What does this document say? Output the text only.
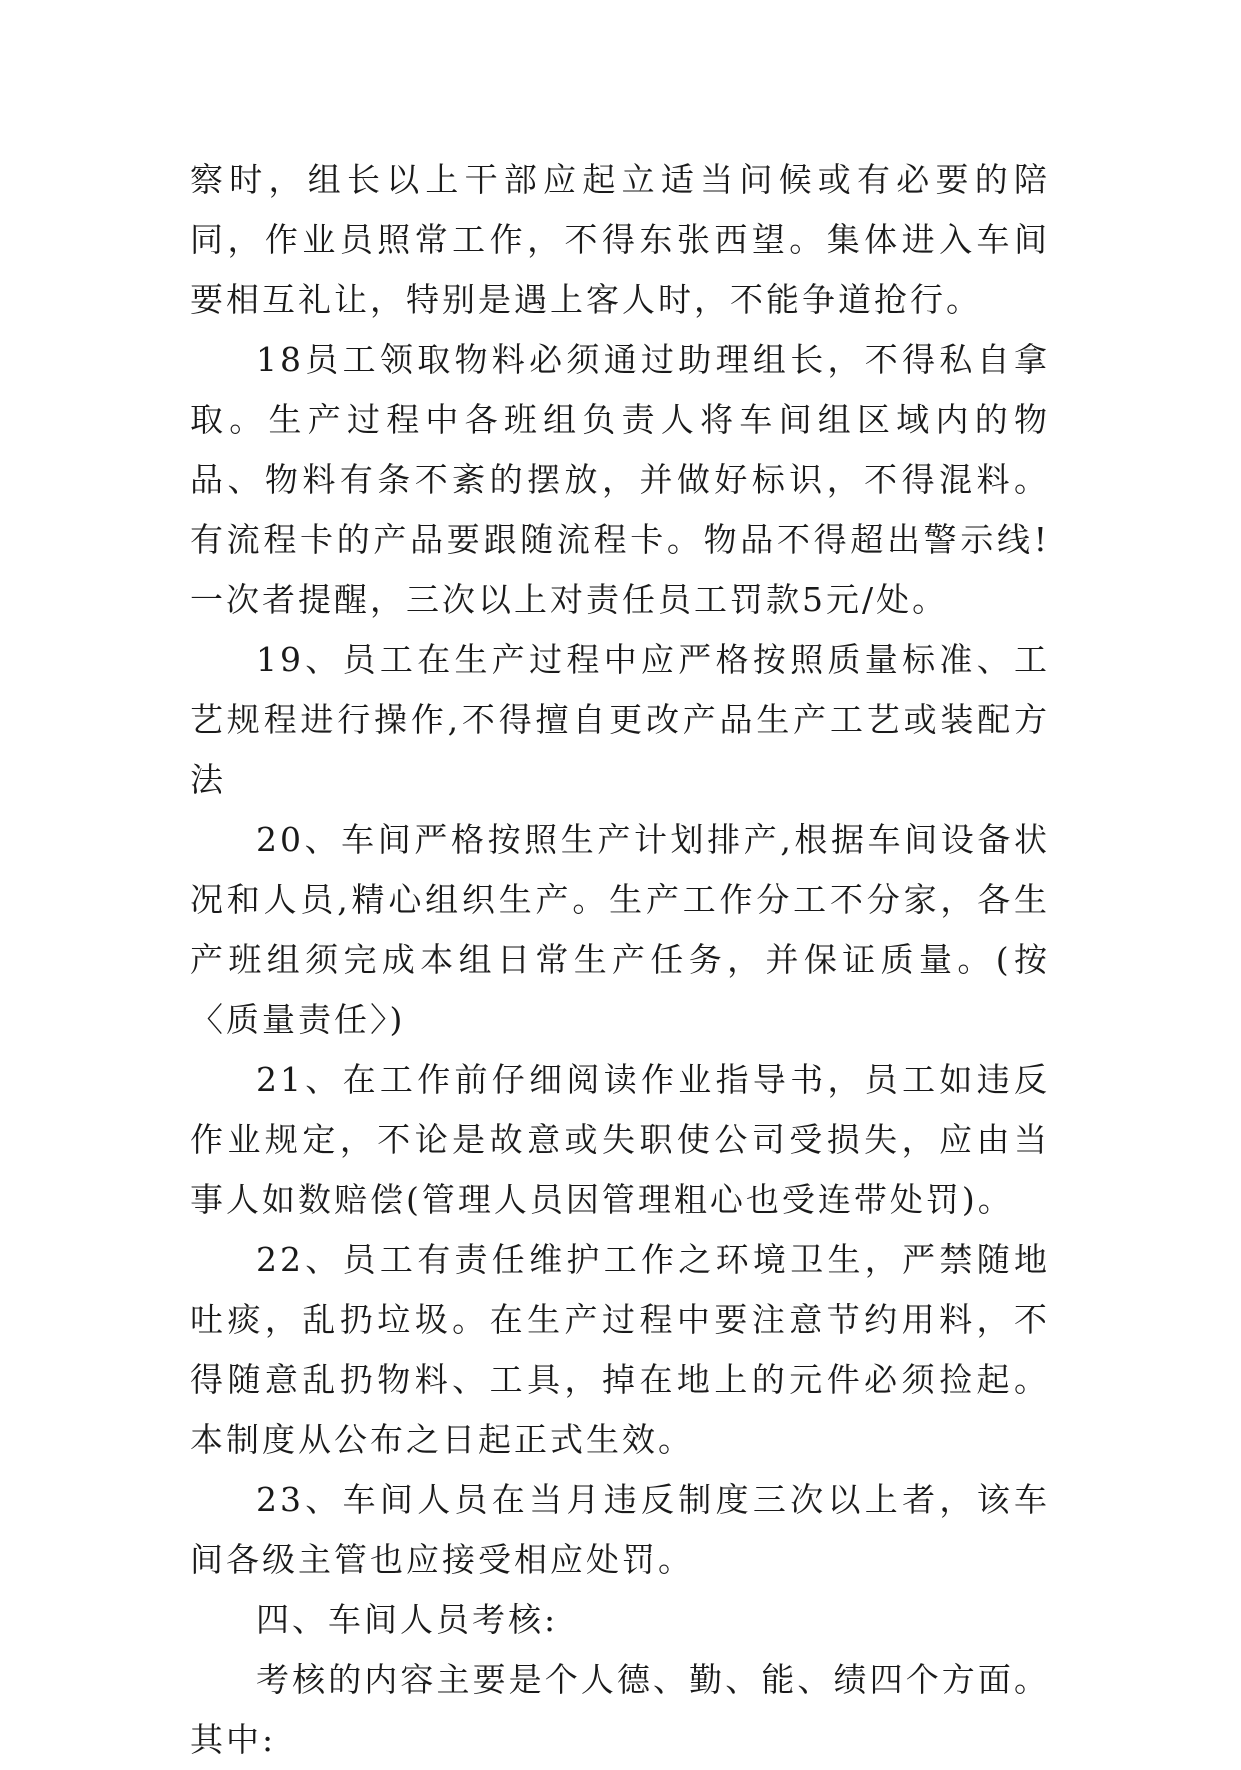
察时，组长以上干部应起立适当问候或有必要的陪同，作业员照常工作，不得东张西望。集体进入车间要相互礼让，特别是遇上客人时，不能争道抢行。

18员工领取物料必须通过助理组长，不得私自拿取。生产过程中各班组负责人将车间组区域内的物品、物料有条不紊的摆放，并做好标识，不得混料。有流程卡的产品要跟随流程卡。物品不得超出警示线!一次者提醒，三次以上对责任员工罚款5元/处。

19、员工在生产过程中应严格按照质量标准、工艺规程进行操作,不得擅自更改产品生产工艺或装配方法

20、车间严格按照生产计划排产,根据车间设备状况和人员,精心组织生产。生产工作分工不分家，各生产班组须完成本组日常生产任务，并保证质量。(按〈质量责任〉)

21、在工作前仔细阅读作业指导书，员工如违反作业规定，不论是故意或失职使公司受损失，应由当事人如数赔偿(管理人员因管理粗心也受连带处罚)。

22、员工有责任维护工作之环境卫生，严禁随地吐痰，乱扔垃圾。在生产过程中要注意节约用料，不得随意乱扔物料、工具，掉在地上的元件必须捡起。本制度从公布之日起正式生效。

23、车间人员在当月违反制度三次以上者，该车间各级主管也应接受相应处罚。

四、车间人员考核:

考核的内容主要是个人德、勤、能、绩四个方面。其中:
